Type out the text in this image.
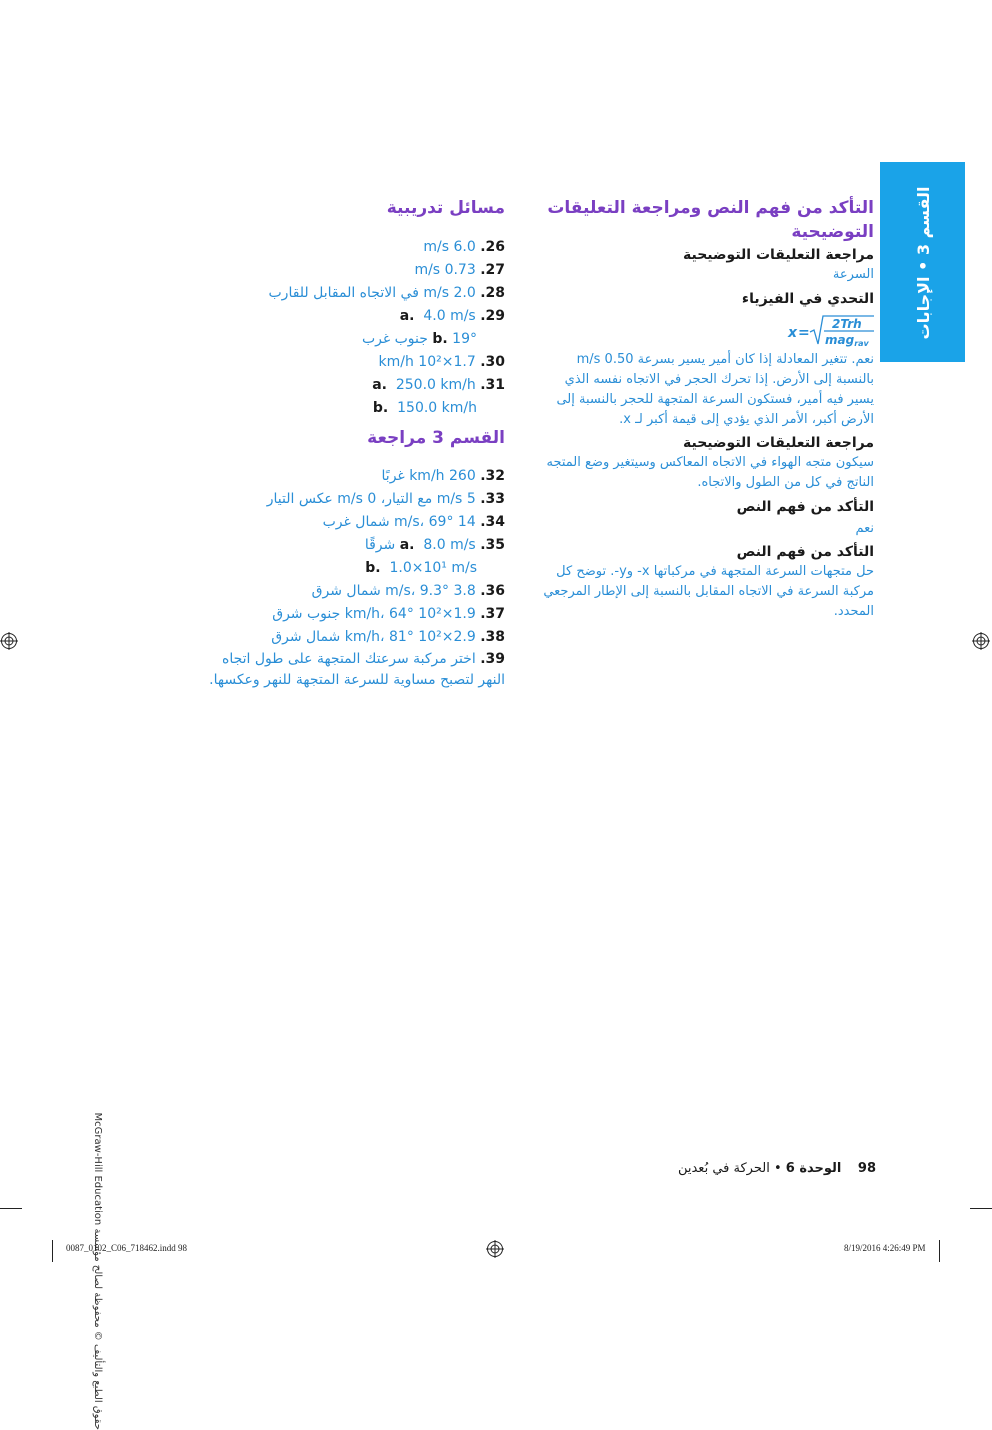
القسم 3 • الإجابات
التأكد من فهم النص ومراجعة التعليقات التوضيحية
مراجعة التعليقات التوضيحية
السرعة
التحدي في الفيزياء
x =
2Trh
magrav
نعم. تتغير المعادلة إذا كان أمير يسير بسرعة 0.50 m/s بالنسبة إلى الأرض. إذا تحرك الحجر في الاتجاه نفسه الذي يسير فيه أمير، فستكون السرعة المتجهة للحجر بالنسبة إلى الأرض أكبر، الأمر الذي يؤدي إلى قيمة أكبر لـ x.
مراجعة التعليقات التوضيحية
سيكون متجه الهواء في الاتجاه المعاكس وسيتغير وضع المتجه الناتج في كل من الطول والاتجاه.
التأكد من فهم النص
نعم
التأكد من فهم النص
حل متجهات السرعة المتجهة في مركباتها x- وy-. توضح كل مركبة السرعة في الاتجاه المقابل بالنسبة إلى الإطار المرجعي المحدد.
مسائل تدريبية
26. 6.0 m/s
27. 0.73 m/s
28. 2.0 m/s في الاتجاه المقابل للقارب
29. a. 4.0 m/s
b. 19° جنوب غرب
30. 1.7×10² km/h
31. a. 250.0 km/h
b. 150.0 km/h
القسم 3 مراجعة
32. 260 km/h غربًا
33. 5 m/s مع التيار، 0 m/s عكس التيار
34. 14 m/s، 69° شمال غرب
35. a.  8.0 m/s شرقًا
b. 1.0×10¹ m/s
36. 3.8 m/s، 9.3° شمال شرق
37. 1.9×10² km/h، 64° جنوب شرق
38. 2.9×10² km/h، 81° شمال شرق
39. اختر مركبة سرعتك المتجهة على طول اتجاه النهر لتصبح مساوية للسرعة المتجهة للنهر وعكسها.
حقوق الطبع والتأليف © محفوظة لصالح مؤسسة McGraw-Hill Education
98    الوحدة 6 • الحركة في بُعدين
0087_0102_C06_718462.indd 98	8/19/2016 4:26:49 PM
